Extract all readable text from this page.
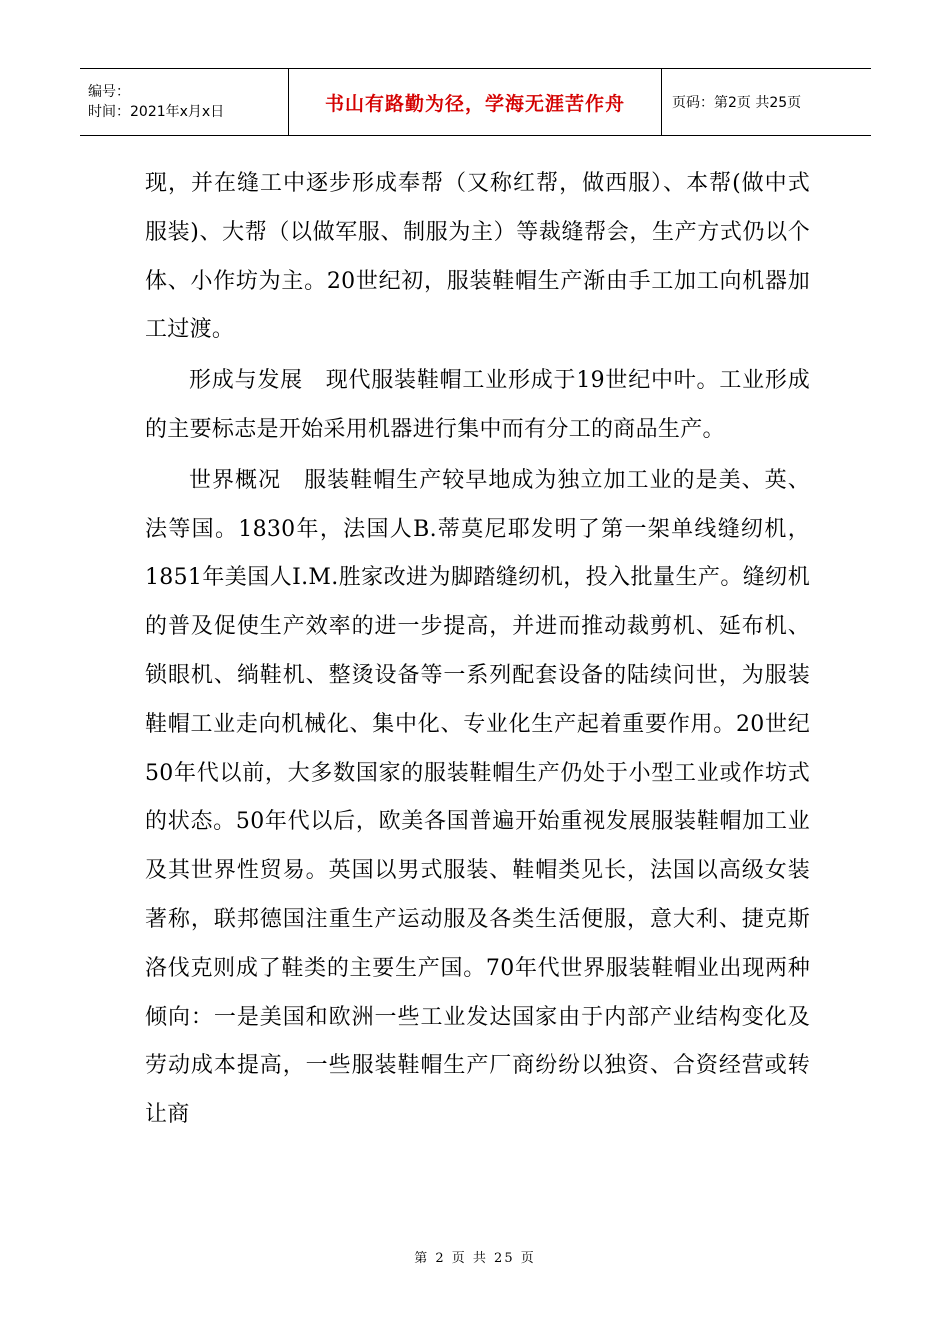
编号：
时间：2021年x月x日	书山有路勤为径，学海无涯苦作舟	页码：第2页 共25页

现，并在缝工中逐步形成奉帮（又称红帮，做西服）、本帮(做中式服装)、大帮（以做军服、制服为主）等裁缝帮会，生产方式仍以个体、小作坊为主。20世纪初，服装鞋帽生产渐由手工加工向机器加工过渡。

形成与发展　现代服装鞋帽工业形成于19世纪中叶。工业形成的主要标志是开始采用机器进行集中而有分工的商品生产。

世界概况　服装鞋帽生产较早地成为独立加工业的是美、英、法等国。1830年，法国人B.蒂莫尼耶发明了第一架单线缝纫机，1851年美国人I.M.胜家改进为脚踏缝纫机，投入批量生产。缝纫机的普及促使生产效率的进一步提高，并进而推动裁剪机、延布机、锁眼机、绱鞋机、整烫设备等一系列配套设备的陆续问世，为服装鞋帽工业走向机械化、集中化、专业化生产起着重要作用。20世纪50年代以前，大多数国家的服装鞋帽生产仍处于小型工业或作坊式的状态。50年代以后，欧美各国普遍开始重视发展服装鞋帽加工业及其世界性贸易。英国以男式服装、鞋帽类见长，法国以高级女装著称，联邦德国注重生产运动服及各类生活便服，意大利、捷克斯洛伐克则成了鞋类的主要生产国。70年代世界服装鞋帽业出现两种倾向：一是美国和欧洲一些工业发达国家由于内部产业结构变化及劳动成本提高，一些服装鞋帽生产厂商纷纷以独资、合资经营或转让商

第 2 页 共 25 页
